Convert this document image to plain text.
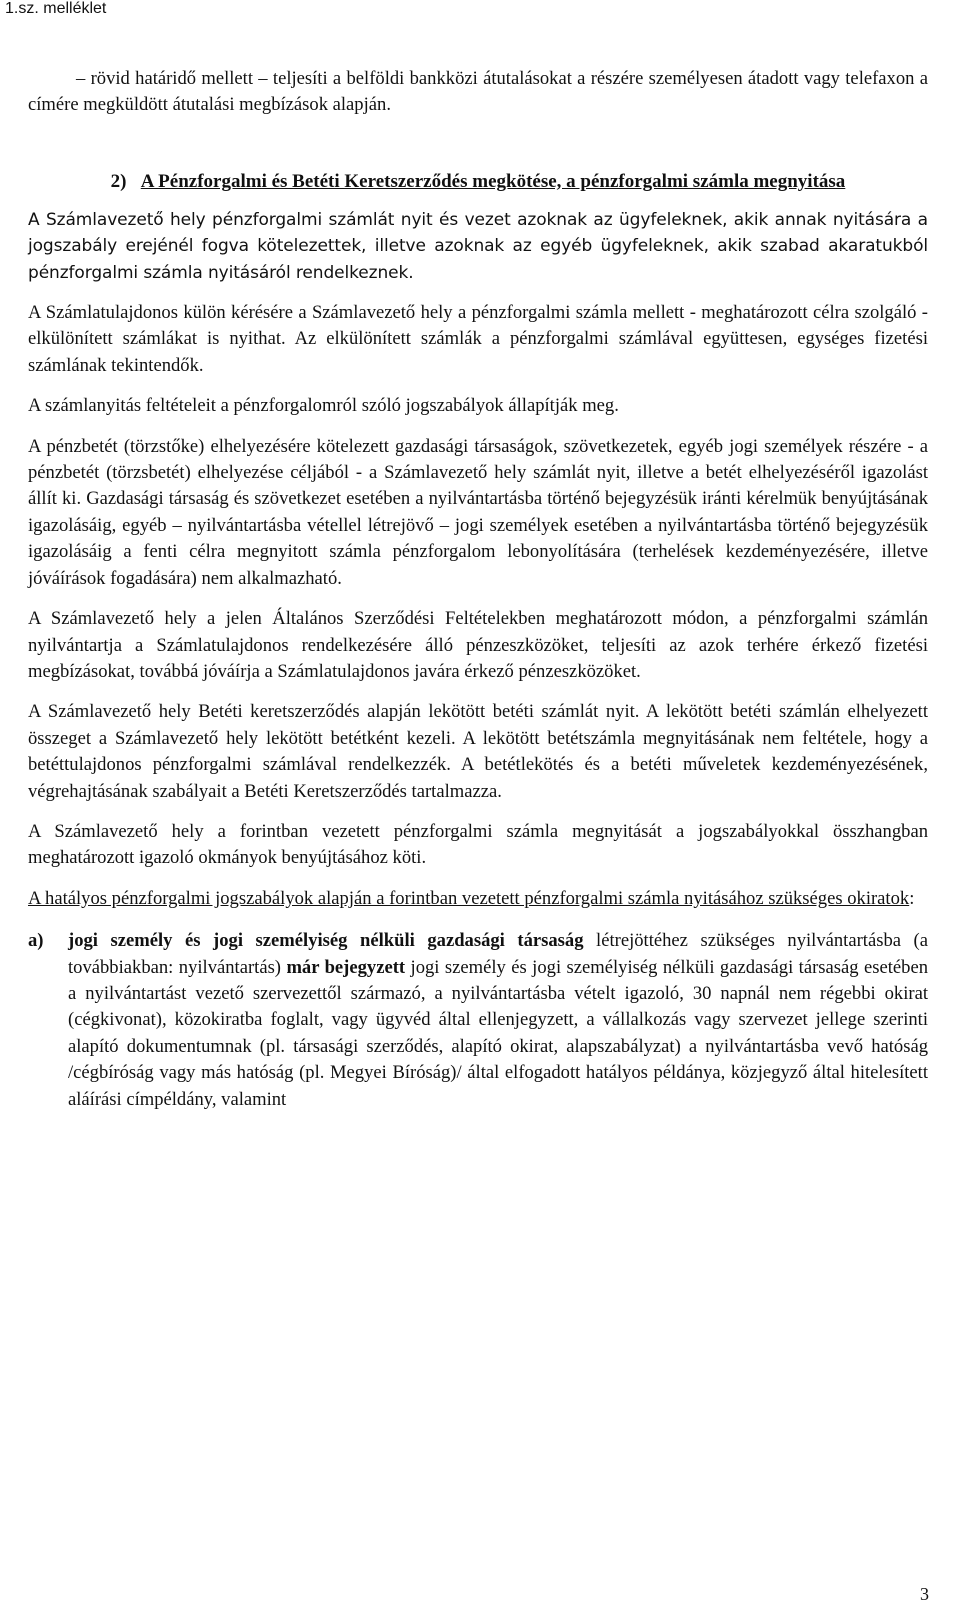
1.sz. melléklet

– rövid határidő mellett – teljesíti a belföldi bankközi átutalásokat a részére személyesen átadott vagy telefaxon a címére megküldött átutalási megbízások alapján.

2) A Pénzforgalmi és Betéti Keretszerződés megkötése, a pénzforgalmi számla megnyitása

A Számlavezető hely pénzforgalmi számlát nyit és vezet azoknak az ügyfeleknek, akik annak nyitására a jogszabály erejénél fogva kötelezettek, illetve azoknak az egyéb ügyfeleknek, akik szabad akaratukból pénzforgalmi számla nyitásáról rendelkeznek.

A Számlatulajdonos külön kérésére a Számlavezető hely a pénzforgalmi számla mellett - meghatározott célra szolgáló - elkülönített számlákat is nyithat. Az elkülönített számlák a pénzforgalmi számlával együttesen, egységes fizetési számlának tekintendők.

A számlanyitás feltételeit a pénzforgalomról szóló jogszabályok állapítják meg.

A pénzbetét (törzstőke) elhelyezésére kötelezett gazdasági társaságok, szövetkezetek, egyéb jogi személyek részére - a pénzbetét (törzsbetét) elhelyezése céljából - a Számlavezető hely számlát nyit, illetve a betét elhelyezéséről igazolást állít ki. Gazdasági társaság és szövetkezet esetében a nyilvántartásba történő bejegyzésük iránti kérelmük benyújtásának igazolásáig, egyéb – nyilvántartásba vétellel létrejövő – jogi személyek esetében a nyilvántartásba történő bejegyzésük igazolásáig a fenti célra megnyitott számla pénzforgalom lebonyolítására (terhelések kezdeményezésére, illetve jóváírások fogadására) nem alkalmazható.

A Számlavezető hely a jelen Általános Szerződési Feltételekben meghatározott módon, a pénzforgalmi számlán nyilvántartja a Számlatulajdonos rendelkezésére álló pénzeszközöket, teljesíti az azok terhére érkező fizetési megbízásokat, továbbá jóváírja a Számlatulajdonos javára érkező pénzeszközöket.

A Számlavezető hely Betéti keretszerződés alapján lekötött betéti számlát nyit. A lekötött betéti számlán elhelyezett összeget a Számlavezető hely lekötött betétként kezeli. A lekötött betétszámla megnyitásának nem feltétele, hogy a betéttulajdonos pénzforgalmi számlával rendelkezzék. A betétlekötés és a betéti műveletek kezdeményezésének, végrehajtásának szabályait a Betéti Keretszerződés tartalmazza.

A Számlavezető hely a forintban vezetett pénzforgalmi számla megnyitását a jogszabályokkal összhangban meghatározott igazoló okmányok benyújtásához köti.

A hatályos pénzforgalmi jogszabályok alapján a forintban vezetett pénzforgalmi számla nyitásához szükséges okiratok:

a)	jogi személy és jogi személyiség nélküli gazdasági társaság létrejöttéhez szükséges nyilvántartásba (a továbbiakban: nyilvántartás) már bejegyzett jogi személy és jogi személyiség nélküli gazdasági társaság esetében a nyilvántartást vezető szervezettől származó, a nyilvántartásba vételt igazoló, 30 napnál nem régebbi okirat (cégkivonat), közokiratba foglalt, vagy ügyvéd által ellenjegyzett, a vállalkozás vagy szervezet jellege szerinti alapító dokumentumnak (pl. társasági szerződés, alapító okirat, alapszabályzat) a nyilvántartásba vevő hatóság /cégbíróság vagy más hatóság (pl. Megyei Bíróság)/ által elfogadott hatályos példánya, közjegyző által hitelesített aláírási címpéldány, valamint

3
